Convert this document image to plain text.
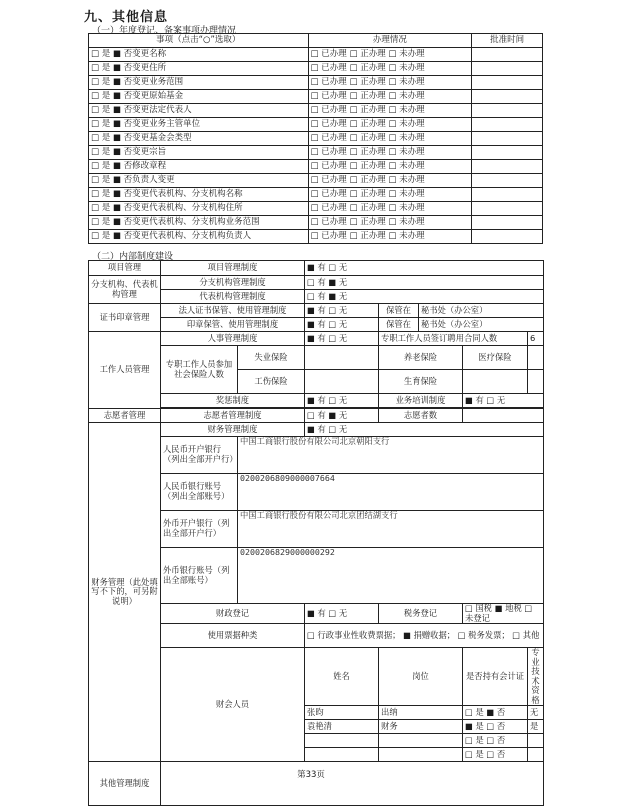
九、其他信息
（一）年度登记、备案事项办理情况
事项（点击“○”选取）	办理情况	批准时间
□ 是 ■ 否变更名称	□ 已办理 □ 正办理 □ 未办理	
□ 是 ■ 否变更住所	□ 已办理 □ 正办理 □ 未办理	
□ 是 ■ 否变更业务范围	□ 已办理 □ 正办理 □ 未办理	
□ 是 ■ 否变更原始基金	□ 已办理 □ 正办理 □ 未办理	
□ 是 ■ 否变更法定代表人	□ 已办理 □ 正办理 □ 未办理	
□ 是 ■ 否变更业务主管单位	□ 已办理 □ 正办理 □ 未办理	
□ 是 ■ 否变更基金会类型	□ 已办理 □ 正办理 □ 未办理	
□ 是 ■ 否变更宗旨	□ 已办理 □ 正办理 □ 未办理	
□ 是 ■ 否修改章程	□ 已办理 □ 正办理 □ 未办理	
□ 是 ■ 否负责人变更	□ 已办理 □ 正办理 □ 未办理	
□ 是 ■ 否变更代表机构、分支机构名称	□ 已办理 □ 正办理 □ 未办理	
□ 是 ■ 否变更代表机构、分支机构住所	□ 已办理 □ 正办理 □ 未办理	
□ 是 ■ 否变更代表机构、分支机构业务范围	□ 已办理 □ 正办理 □ 未办理	
□ 是 ■ 否变更代表机构、分支机构负责人	□ 已办理 □ 正办理 □ 未办理	
（二）内部制度建设
项目管理	项目管理制度		■ 有 □ 无				
分支机构、代表机构管理	分支机构管理制度		□ 有 ■ 无				
	代表机构管理制度		□ 有 ■ 无				
证书印章管理	法人证书保管、使用管理制度		■ 有 □ 无	保管在	秘书处（办公室）		
	印章保管、使用管理制度		■ 有 □ 无	保管在	秘书处（办公室）		
工作人员管理	人事管理制度		■ 有 □ 无	专职工作人员签订聘用合同人数			6
	专职工作人员参加社会保险人数	失业保险		养老保险		医疗保险	
		工伤保险		生育保险			
	奖惩制度		■ 有 □ 无	业务培训制度		■ 有 □ 无	

志愿者管理	志愿者管理制度		□ 有 ■ 无	志愿者数			
财务管理（此处填写不下的，可另附说明）	财务管理制度		■ 有 □ 无				
	人民币开户银行（列出全部开户行）	中国工商银行股份有限公司北京朝阳支行					
	人民币银行账号（列出全部账号）	0200206809000007664					
	外币开户银行（列出全部开户行）	中国工商银行股份有限公司北京团结湖支行					
	外币银行账号（列出全部账号）	0200206829000000292					
	财政登记		■ 有 □ 无	税务登记		□ 国税 ■ 地税 □ 未登记	
	使用票据种类		□ 行政事业性收费票据； ■ 捐赠收据； □ 税务发票； □ 其他				
	财会人员		姓名	岗位		是否持有会计证	专业技术资格
			张昀	出纳		□ 是 ■ 否	无
			袁艳清	财务		■ 是 □ 否	是
						□ 是 □ 否	
						□ 是 □ 否	
其他管理制度							
第33页
